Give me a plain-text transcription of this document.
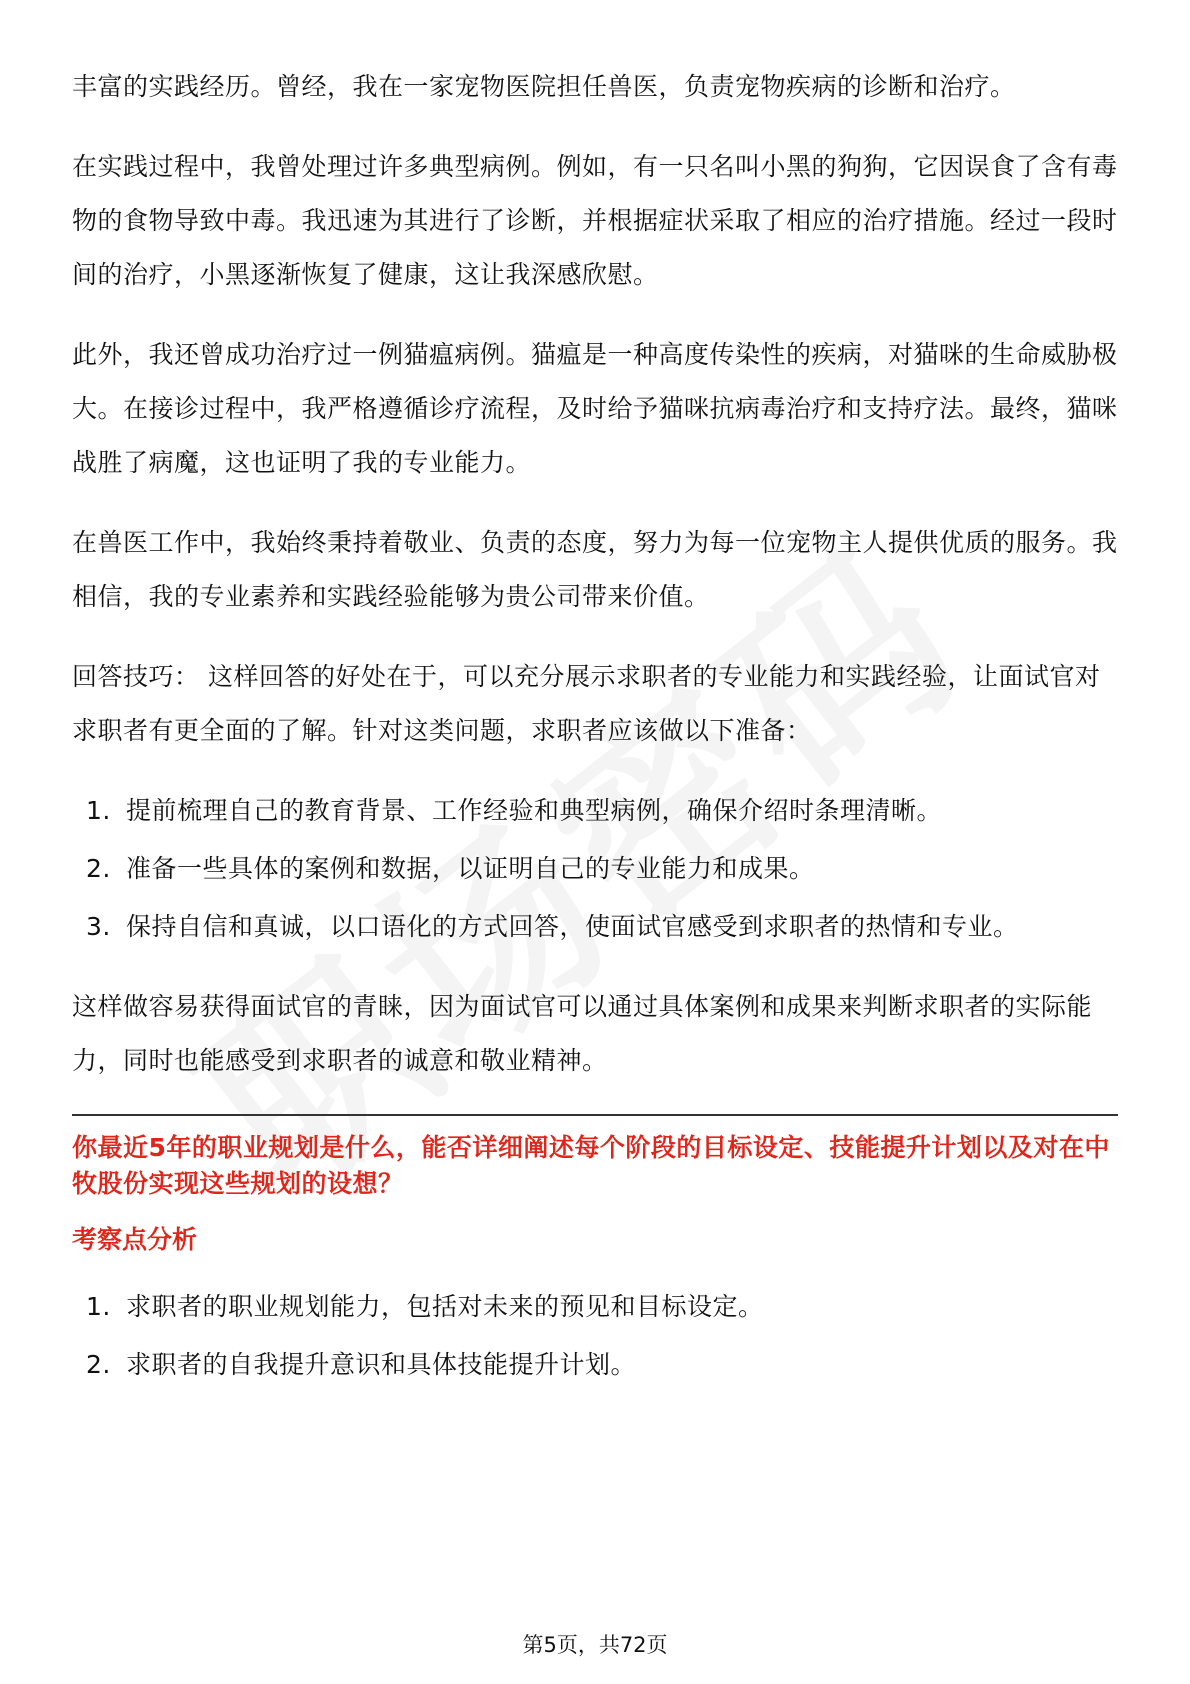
丰富的实践经历。曾经，我在一家宠物医院担任兽医，负责宠物疾病的诊断和治疗。

在实践过程中，我曾处理过许多典型病例。例如，有一只名叫小黑的狗狗，它因误食了含有毒物的食物导致中毒。我迅速为其进行了诊断，并根据症状采取了相应的治疗措施。经过一段时间的治疗，小黑逐渐恢复了健康，这让我深感欣慰。

此外，我还曾成功治疗过一例猫瘟病例。猫瘟是一种高度传染性的疾病，对猫咪的生命威胁极大。在接诊过程中，我严格遵循诊疗流程，及时给予猫咪抗病毒治疗和支持疗法。最终，猫咪战胜了病魔，这也证明了我的专业能力。

在兽医工作中，我始终秉持着敬业、负责的态度，努力为每一位宠物主人提供优质的服务。我相信，我的专业素养和实践经验能够为贵公司带来价值。

回答技巧： 这样回答的好处在于，可以充分展示求职者的专业能力和实践经验，让面试官对求职者有更全面的了解。针对这类问题，求职者应该做以下准备：

1. 提前梳理自己的教育背景、工作经验和典型病例，确保介绍时条理清晰。
2. 准备一些具体的案例和数据，以证明自己的专业能力和成果。
3. 保持自信和真诚，以口语化的方式回答，使面试官感受到求职者的热情和专业。

这样做容易获得面试官的青睐，因为面试官可以通过具体案例和成果来判断求职者的实际能力，同时也能感受到求职者的诚意和敬业精神。

你最近5年的职业规划是什么，能否详细阐述每个阶段的目标设定、技能提升计划以及对在中牧股份实现这些规划的设想？
考察点分析
1. 求职者的职业规划能力，包括对未来的预见和目标设定。
2. 求职者的自我提升意识和具体技能提升计划。
第5页，共72页
